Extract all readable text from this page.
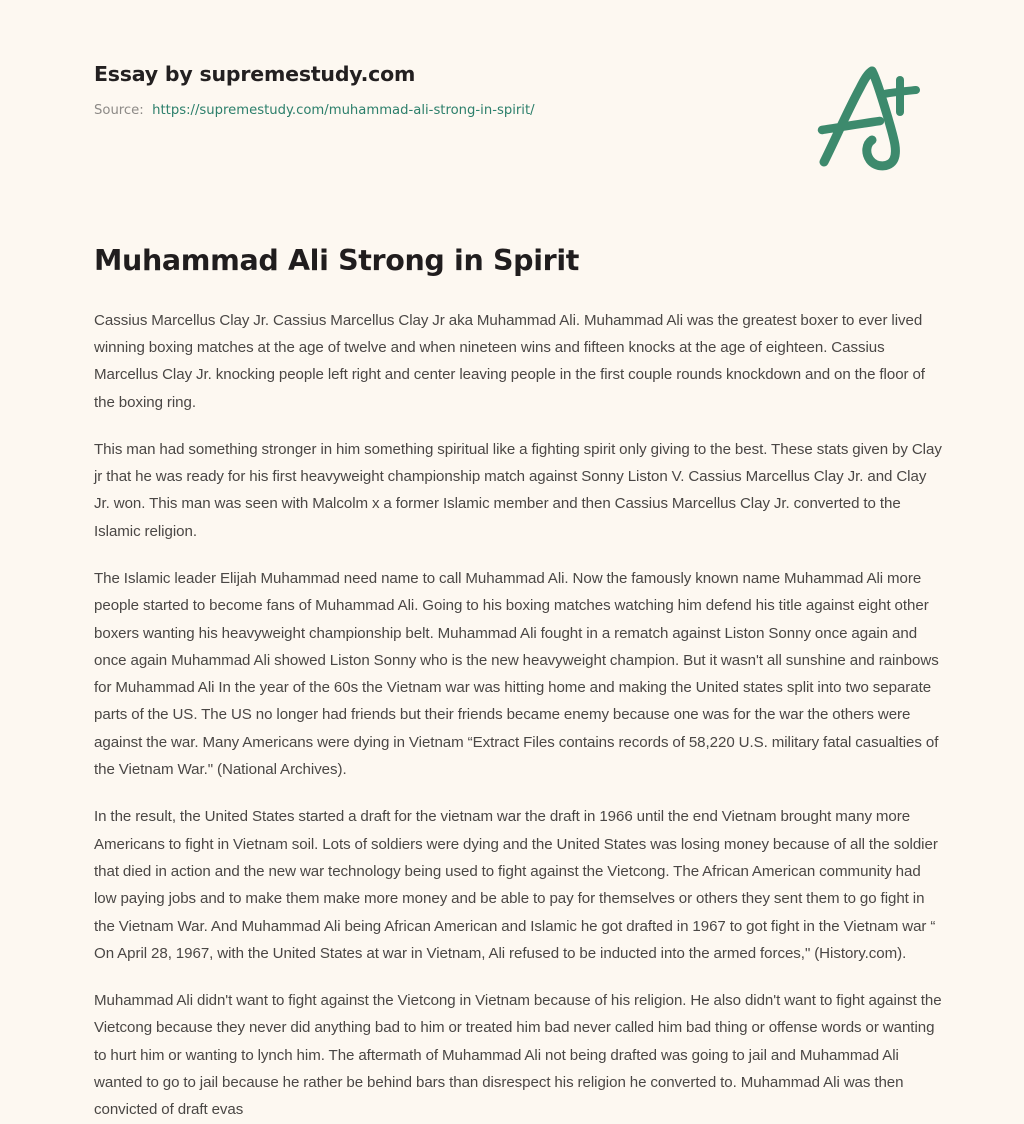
Essay by supremestudy.com
Source: https://supremestudy.com/muhammad-ali-strong-in-spirit/
Muhammad Ali Strong in Spirit

Cassius Marcellus Clay Jr. Cassius Marcellus Clay Jr aka Muhammad Ali. Muhammad Ali was the greatest boxer to ever lived winning boxing matches at the age of twelve and when nineteen wins and fifteen knocks at the age of eighteen. Cassius Marcellus Clay Jr. knocking people left right and center leaving people in the first couple rounds knockdown and on the floor of the boxing ring.

This man had something stronger in him something spiritual like a fighting spirit only giving to the best. These stats given by Clay jr that he was ready for his first heavyweight championship match against Sonny Liston V. Cassius Marcellus Clay Jr. and Clay Jr. won. This man was seen with Malcolm x a former Islamic member and then Cassius Marcellus Clay Jr. converted to the Islamic religion.

The Islamic leader Elijah Muhammad need name to call Muhammad Ali. Now the famously known name Muhammad Ali more people started to become fans of Muhammad Ali. Going to his boxing matches watching him defend his title against eight other boxers wanting his heavyweight championship belt. Muhammad Ali fought in a rematch against Liston Sonny once again and once again Muhammad Ali showed Liston Sonny who is the new heavyweight champion. But it wasn't all sunshine and rainbows for Muhammad Ali In the year of the 60s the Vietnam war was hitting home and making the United states split into two separate parts of the US. The US no longer had friends but their friends became enemy because one was for the war the others were against the war. Many Americans were dying in Vietnam “Extract Files contains records of 58,220 U.S. military fatal casualties of the Vietnam War." (National Archives).

In the result, the United States started a draft for the vietnam war the draft in 1966 until the end Vietnam brought many more Americans to fight in Vietnam soil. Lots of soldiers were dying and the United States was losing money because of all the soldier that died in action and the new war technology being used to fight against the Vietcong. The African American community had low paying jobs and to make them make more money and be able to pay for themselves or others they sent them to go fight in the Vietnam War. And Muhammad Ali being African American and Islamic he got drafted in 1967 to got fight in the Vietnam war “ On April 28, 1967, with the United States at war in Vietnam, Ali refused to be inducted into the armed forces," (History.com).

Muhammad Ali didn't want to fight against the Vietcong in Vietnam because of his religion. He also didn't want to fight against the Vietcong because they never did anything bad to him or treated him bad never called him bad thing or offense words or wanting to hurt him or wanting to lynch him. The aftermath of Muhammad Ali not being drafted was going to jail and Muhammad Ali wanted to go to jail because he rather be behind bars than disrespect his religion he converted to. Muhammad Ali was then convicted of draft evas
